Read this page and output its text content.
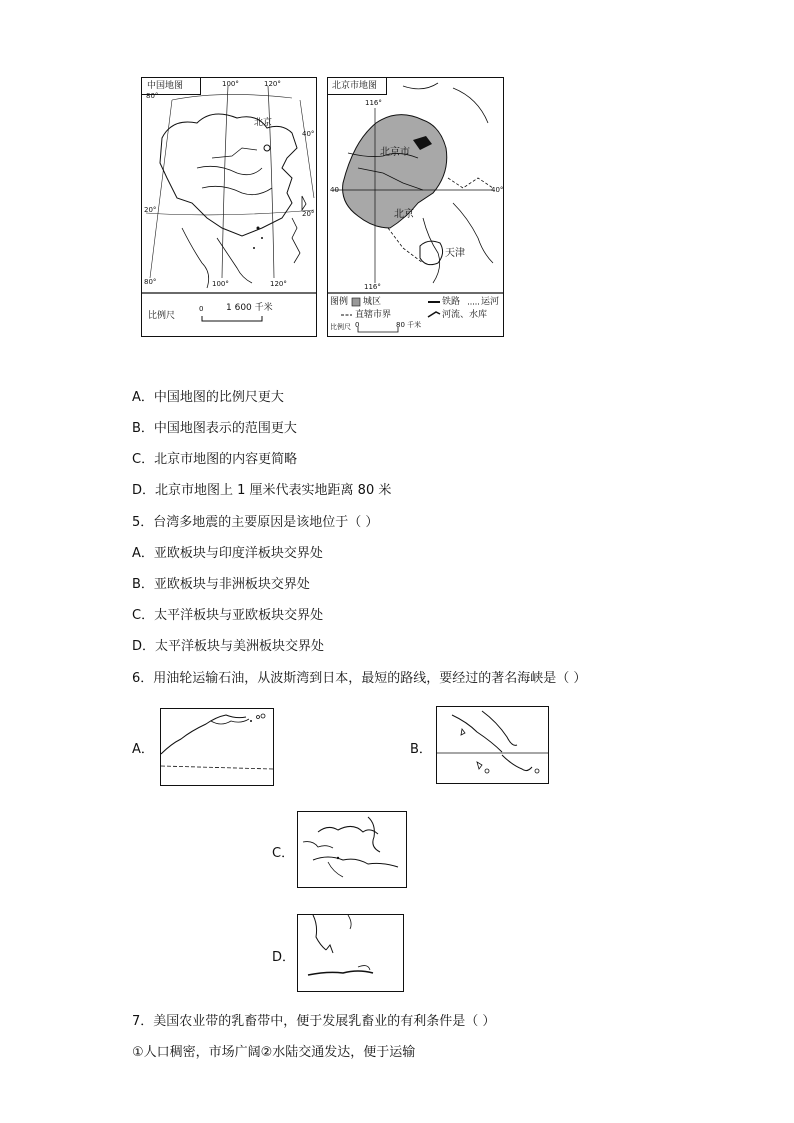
中国地图	100°	120°
80°
北京
40°
20°	20°
80°	100°	120°
比例尺
0	1 600 千米
北京市地图
116°
北京市
40°
40
北京
天津
116°
图例 城区	铁路 运河
直辖市界	河流、水库
比例尺 0	80 千米
A．中国地图的比例尺更大
B．中国地图表示的范围更大
C．北京市地图的内容更简略
D．北京市地图上 1 厘米代表实地距离 80 米
5．台湾多地震的主要原因是该地位于（ ）
A．亚欧板块与印度洋板块交界处
B．亚欧板块与非洲板块交界处
C．太平洋板块与亚欧板块交界处
D．太平洋板块与美洲板块交界处
6．用油轮运输石油，从波斯湾到日本，最短的路线，要经过的著名海峡是（ ）
A．	B．
C．
D．
7．美国农业带的乳畜带中，便于发展乳畜业的有利条件是（ ）
①人口稠密，市场广阔②水陆交通发达，便于运输
